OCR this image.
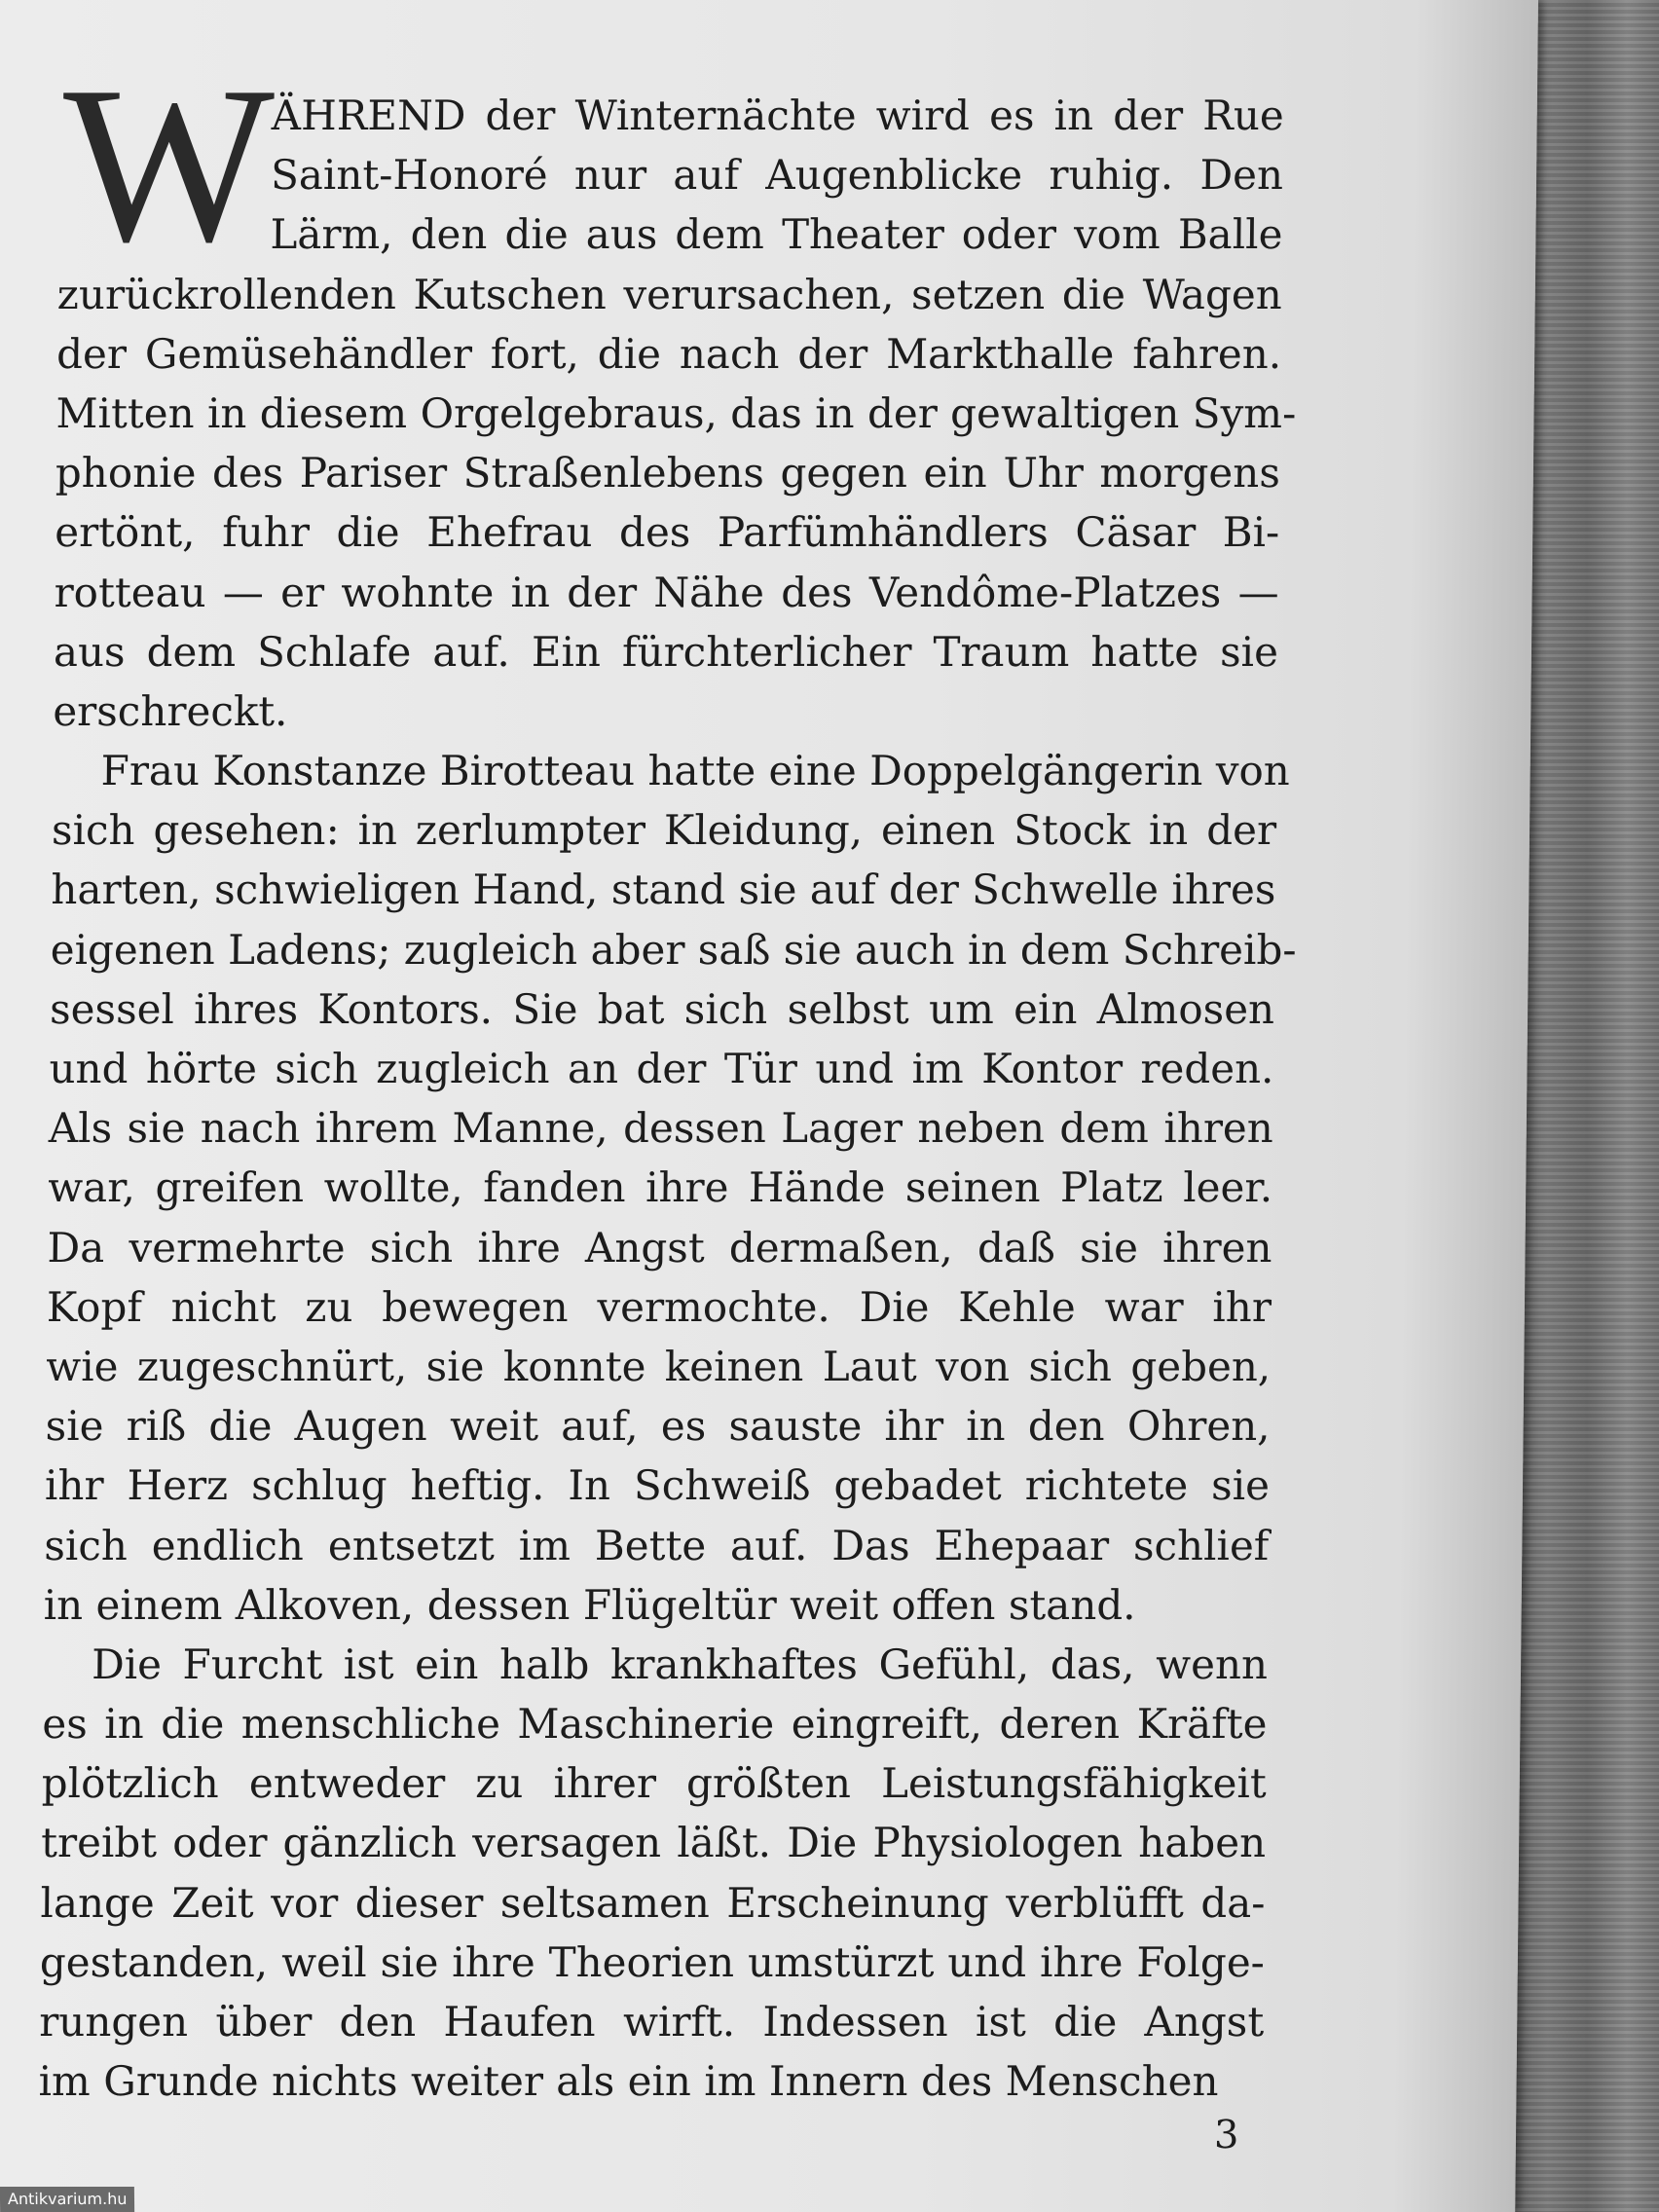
W
ÄHREND der Winternächte wird es in der Rue
Saint-Honoré nur auf Augenblicke ruhig. Den
Lärm, den die aus dem Theater oder vom Balle
zurückrollenden Kutschen verursachen, setzen die Wagen
der Gemüsehändler fort, die nach der Markthalle fahren.
Mitten in diesem Orgelgebraus, das in der gewaltigen Sym-
phonie des Pariser Straßenlebens gegen ein Uhr morgens
ertönt, fuhr die Ehefrau des Parfümhändlers Cäsar Bi-
rotteau — er wohnte in der Nähe des Vendôme-Platzes —
aus dem Schlafe auf. Ein fürchterlicher Traum hatte sie
erschreckt.
Frau Konstanze Birotteau hatte eine Doppelgängerin von
sich gesehen: in zerlumpter Kleidung, einen Stock in der
harten, schwieligen Hand, stand sie auf der Schwelle ihres
eigenen Ladens; zugleich aber saß sie auch in dem Schreib-
sessel ihres Kontors. Sie bat sich selbst um ein Almosen
und hörte sich zugleich an der Tür und im Kontor reden.
Als sie nach ihrem Manne, dessen Lager neben dem ihren
war, greifen wollte, fanden ihre Hände seinen Platz leer.
Da vermehrte sich ihre Angst dermaßen, daß sie ihren
Kopf nicht zu bewegen vermochte. Die Kehle war ihr
wie zugeschnürt, sie konnte keinen Laut von sich geben,
sie riß die Augen weit auf, es sauste ihr in den Ohren,
ihr Herz schlug heftig. In Schweiß gebadet richtete sie
sich endlich entsetzt im Bette auf. Das Ehepaar schlief
in einem Alkoven, dessen Flügeltür weit offen stand.
Die Furcht ist ein halb krankhaftes Gefühl, das, wenn
es in die menschliche Maschinerie eingreift, deren Kräfte
plötzlich entweder zu ihrer größten Leistungsfähigkeit
treibt oder gänzlich versagen läßt. Die Physiologen haben
lange Zeit vor dieser seltsamen Erscheinung verblüfft da-
gestanden, weil sie ihre Theorien umstürzt und ihre Folge-
rungen über den Haufen wirft. Indessen ist die Angst
im Grunde nichts weiter als ein im Innern des Menschen
3
Antikvarium.hu
